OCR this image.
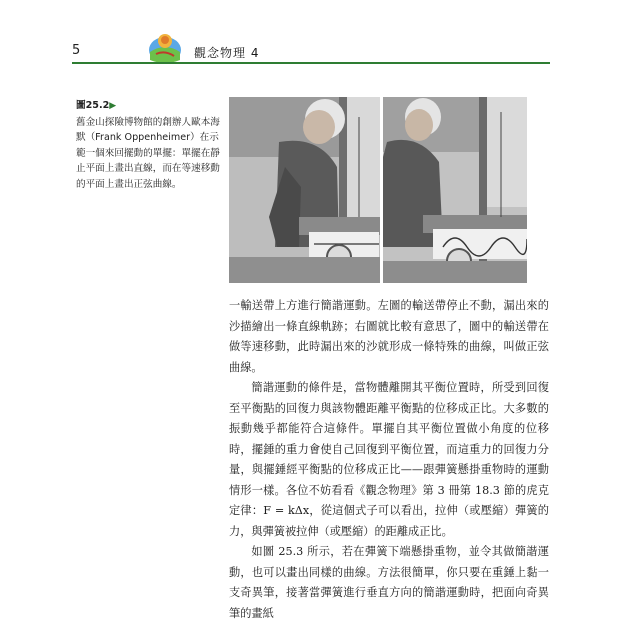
5	觀念物理 4
圖25.2▶
舊金山探險博物館的創辦人歐本海默（Frank Oppenheimer）在示範一個來回擺動的單擺：單擺在靜止平面上畫出直線，而在等速移動的平面上畫出正弦曲線。

一輸送帶上方進行簡諧運動。左圖的輸送帶停止不動，漏出來的沙描繪出一條直線軌跡；右圖就比較有意思了，圖中的輸送帶在做等速移動，此時漏出來的沙就形成一條特殊的曲線，叫做正弦曲線。

簡諧運動的條件是，當物體離開其平衡位置時，所受到回復至平衡點的回復力與該物體距離平衡點的位移成正比。大多數的振動幾乎都能符合這條件。單擺自其平衡位置做小角度的位移時，擺錘的重力會使自己回復到平衡位置，而這重力的回復力分量，與擺錘經平衡點的位移成正比——跟彈簧懸掛重物時的運動情形一樣。各位不妨看看《觀念物理》第 3 冊第 18.3 節的虎克定律：F = kΔx，從這個式子可以看出，拉伸（或壓縮）彈簧的力，與彈簧被拉伸（或壓縮）的距離成正比。

如圖 25.3 所示，若在彈簧下端懸掛重物，並令其做簡諧運動，也可以畫出同樣的曲線。方法很簡單，你只要在重錘上黏一支奇異筆，接著當彈簧進行垂直方向的簡諧運動時，把面向奇異筆的畫紙
